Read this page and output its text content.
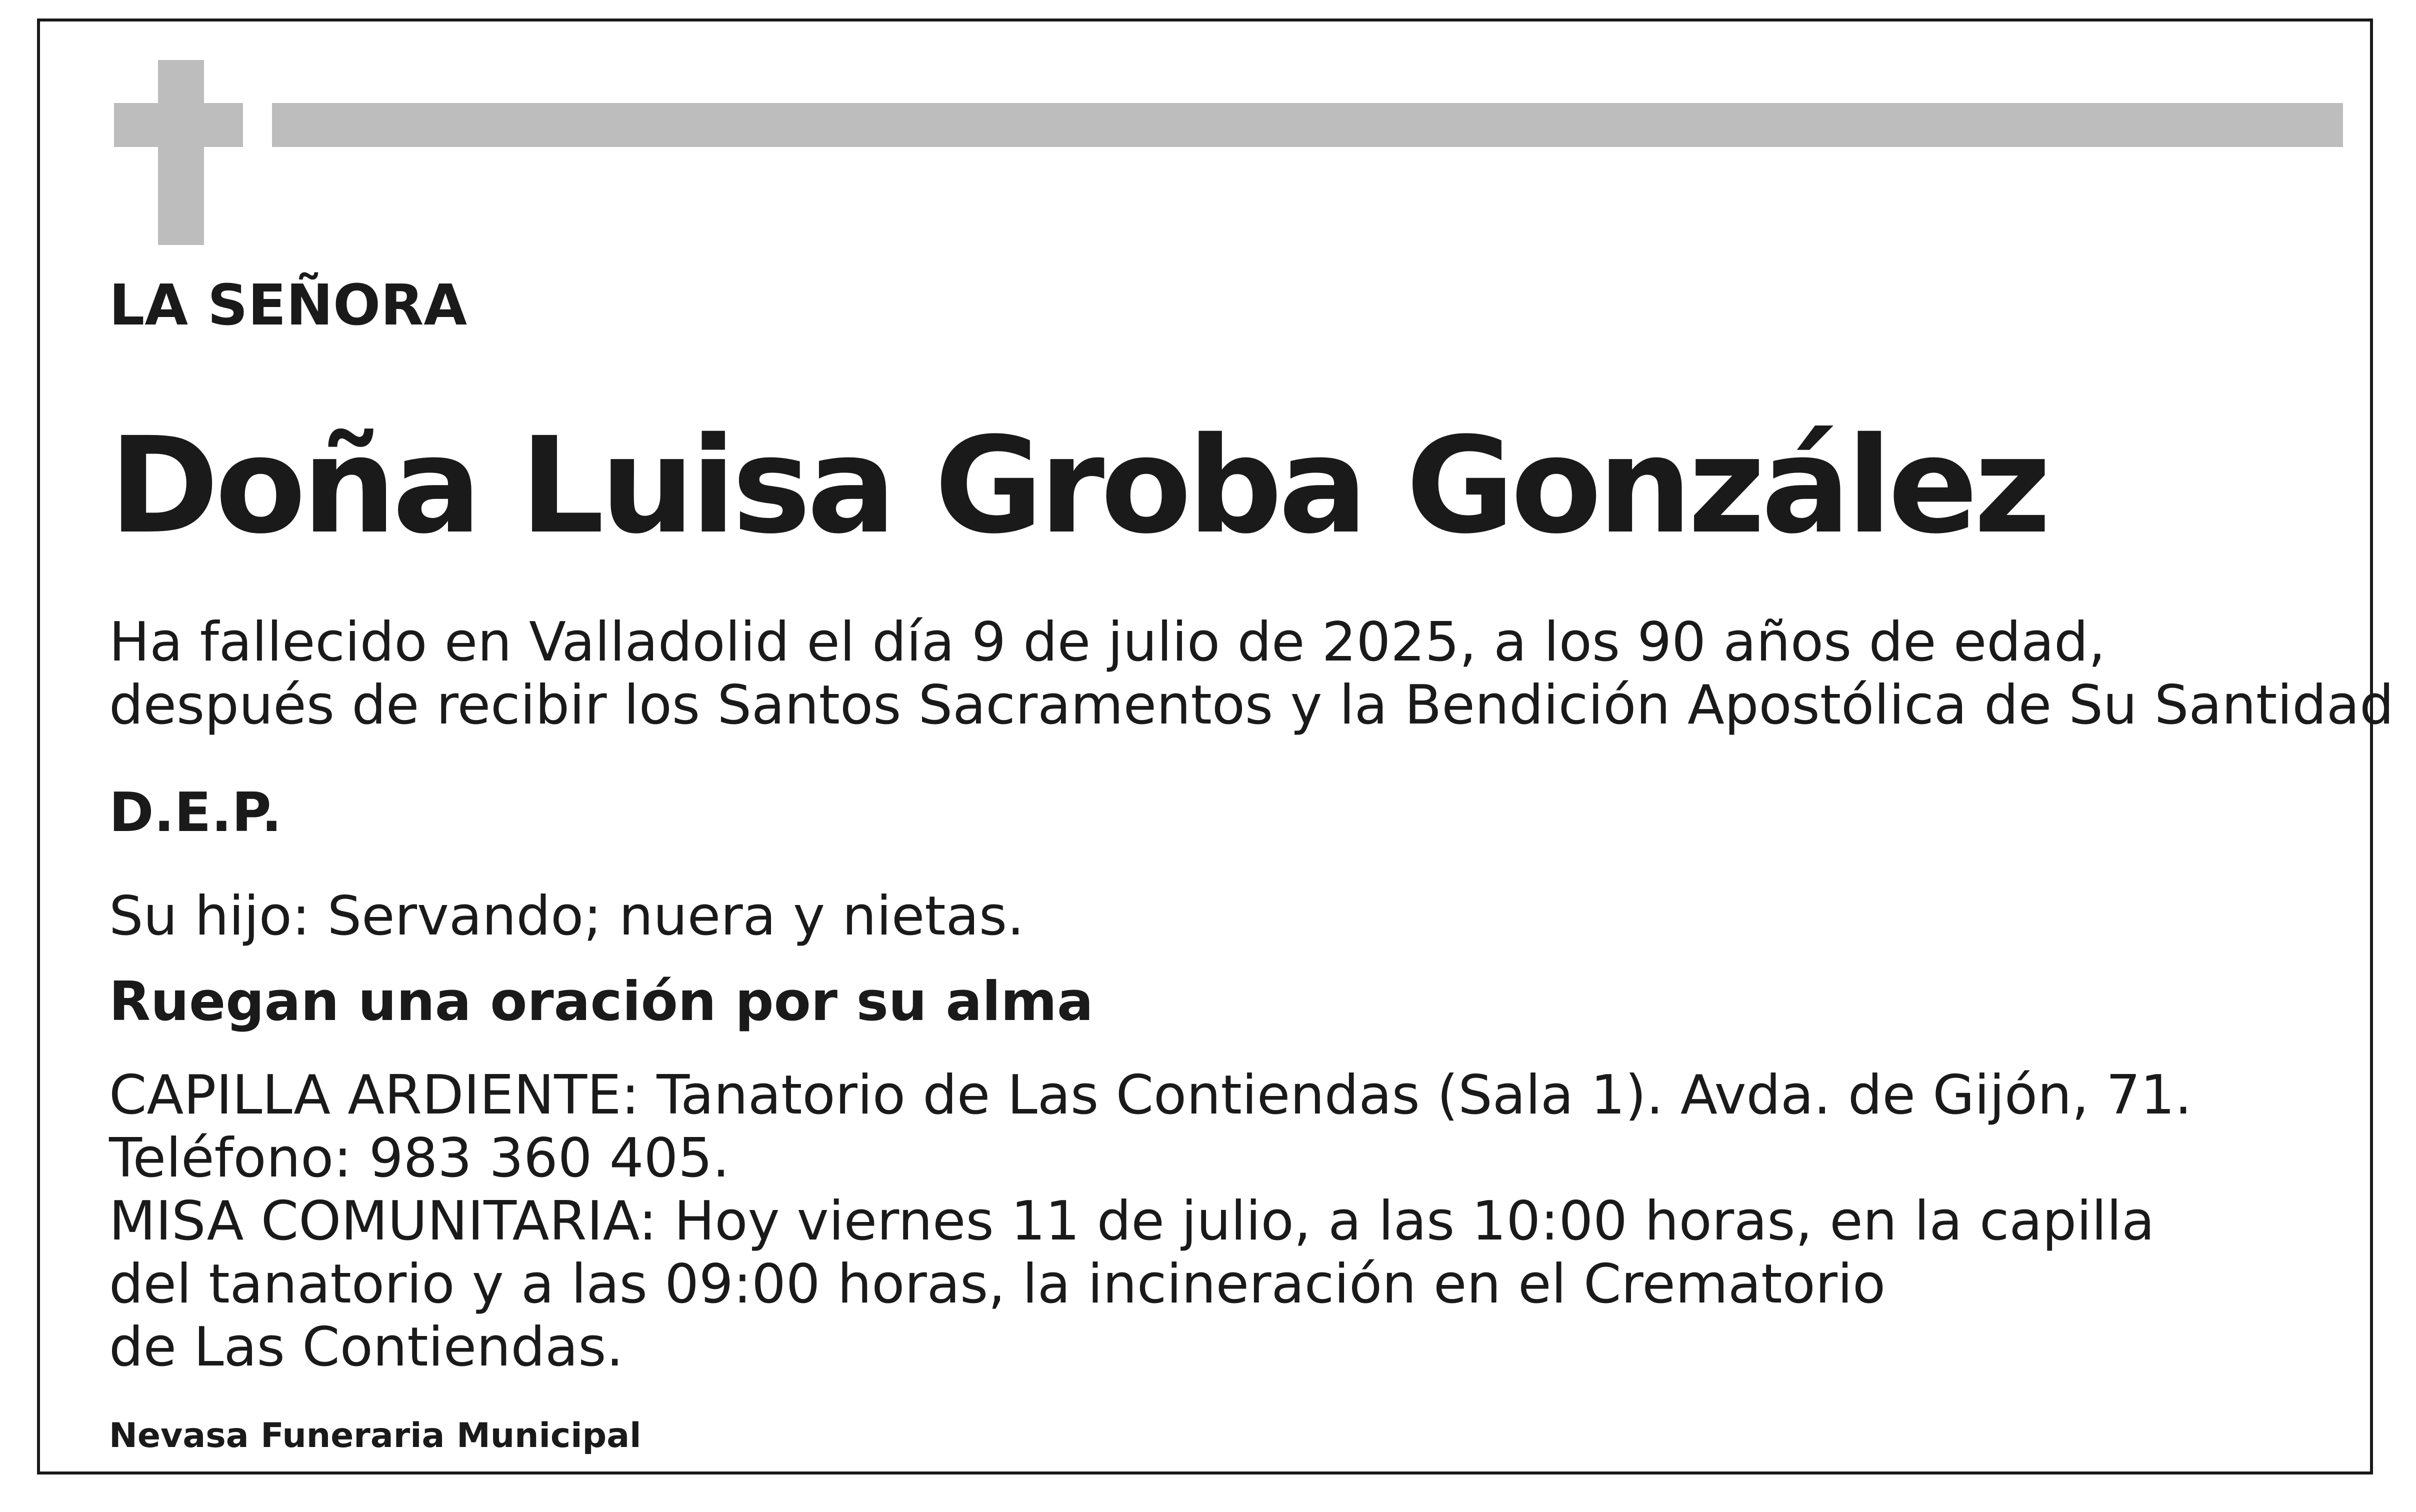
LA SEÑORA

Doña Luisa Groba González

Ha fallecido en Valladolid el día 9 de julio de 2025, a los 90 años de edad,
después de recibir los Santos Sacramentos y la Bendición Apostólica de Su Santidad

D.E.P.

Su hijo: Servando; nuera y nietas.

Ruegan una oración por su alma

CAPILLA ARDIENTE: Tanatorio de Las Contiendas (Sala 1). Avda. de Gijón, 71.
Teléfono: 983 360 405.
MISA COMUNITARIA: Hoy viernes 11 de julio, a las 10:00 horas, en la capilla
del tanatorio y a las 09:00 horas, la incineración en el Crematorio
de Las Contiendas.

Nevasa Funeraria Municipal
